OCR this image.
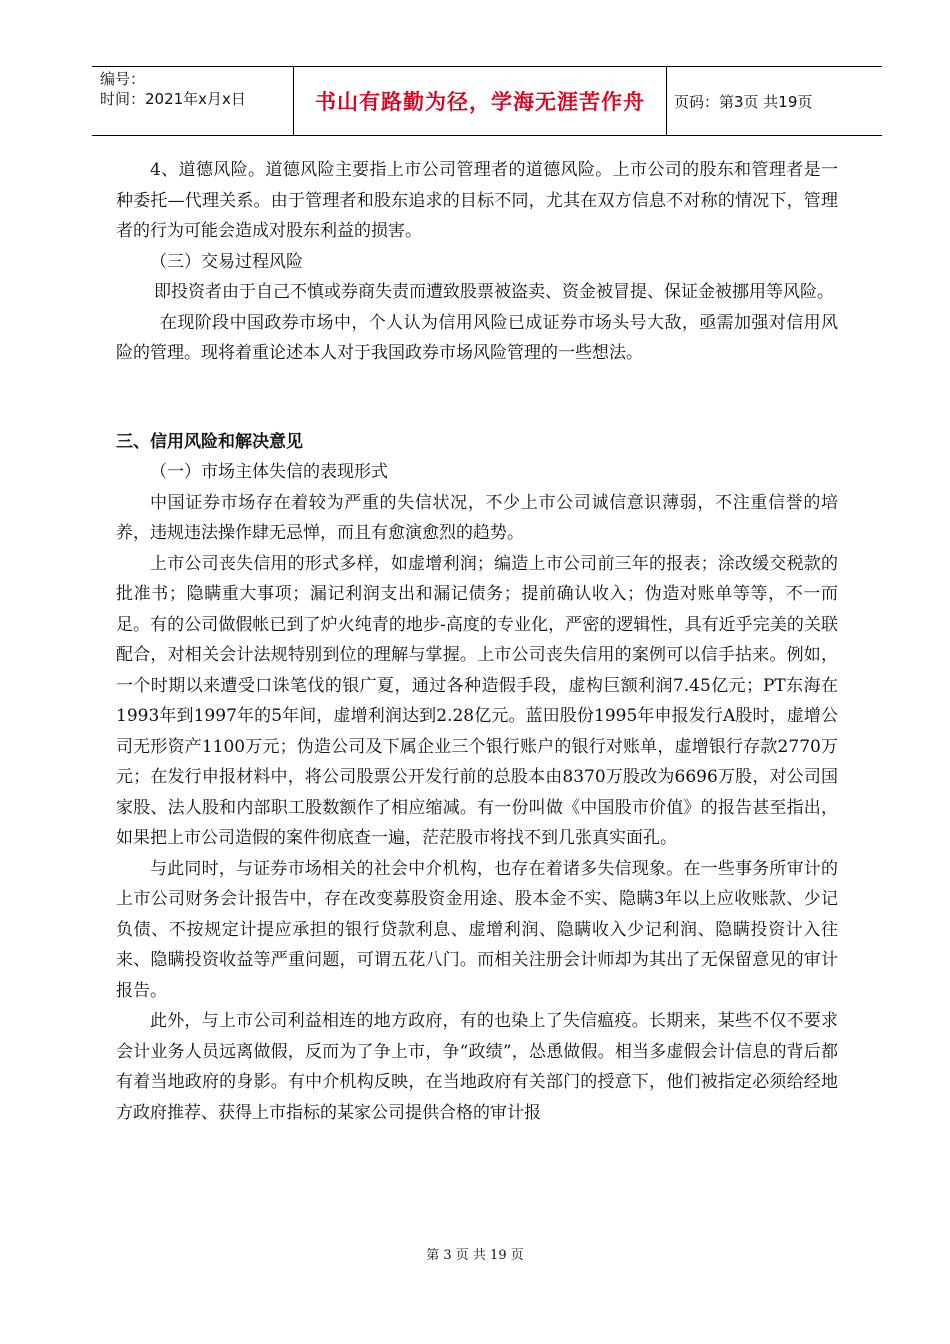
编号：
时间：2021年x月x日	书山有路勤为径，学海无涯苦作舟	页码：第3页 共19页

4、道德风险。道德风险主要指上市公司管理者的道德风险。上市公司的股东和管理者是一种委托—代理关系。由于管理者和股东追求的目标不同，尤其在双方信息不对称的情况下，管理者的行为可能会造成对股东利益的损害。

（三）交易过程风险

即投资者由于自己不慎或券商失责而遭致股票被盗卖、资金被冒提、保证金被挪用等风险。

在现阶段中国政券市场中，个人认为信用风险已成证券市场头号大敌，亟需加强对信用风险的管理。现将着重论述本人对于我国政券市场风险管理的一些想法。

三、信用风险和解决意见

（一）市场主体失信的表现形式

中国证券市场存在着较为严重的失信状况，不少上市公司诚信意识薄弱，不注重信誉的培养，违规违法操作肆无忌惮，而且有愈演愈烈的趋势。

上市公司丧失信用的形式多样，如虚增利润；编造上市公司前三年的报表；涂改缓交税款的批准书；隐瞒重大事项；漏记利润支出和漏记债务；提前确认收入；伪造对账单等等，不一而足。有的公司做假帐已到了炉火纯青的地步-高度的专业化，严密的逻辑性，具有近乎完美的关联配合，对相关会计法规特别到位的理解与掌握。上市公司丧失信用的案例可以信手拈来。例如，一个时期以来遭受口诛笔伐的银广夏，通过各种造假手段，虚构巨额利润7.45亿元；PT东海在1993年到1997年的5年间，虚增利润达到2.28亿元。蓝田股份1995年申报发行A股时，虚增公司无形资产1100万元；伪造公司及下属企业三个银行账户的银行对账单，虚增银行存款2770万元；在发行申报材料中，将公司股票公开发行前的总股本由8370万股改为6696万股，对公司国家股、法人股和内部职工股数额作了相应缩减。有一份叫做《中国股市价值》的报告甚至指出，如果把上市公司造假的案件彻底查一遍，茫茫股市将找不到几张真实面孔。

与此同时，与证券市场相关的社会中介机构，也存在着诸多失信现象。在一些事务所审计的上市公司财务会计报告中，存在改变募股资金用途、股本金不实、隐瞒3年以上应收账款、少记负债、不按规定计提应承担的银行贷款利息、虚增利润、隐瞒收入少记利润、隐瞒投资计入往来、隐瞒投资收益等严重问题，可谓五花八门。而相关注册会计师却为其出了无保留意见的审计报告。

此外，与上市公司利益相连的地方政府，有的也染上了失信瘟疫。长期来，某些不仅不要求会计业务人员远离做假，反而为了争上市，争“政绩”，怂恿做假。相当多虚假会计信息的背后都有着当地政府的身影。有中介机构反映，在当地政府有关部门的授意下，他们被指定必须给经地方政府推荐、获得上市指标的某家公司提供合格的审计报

第 3 页 共 19 页
